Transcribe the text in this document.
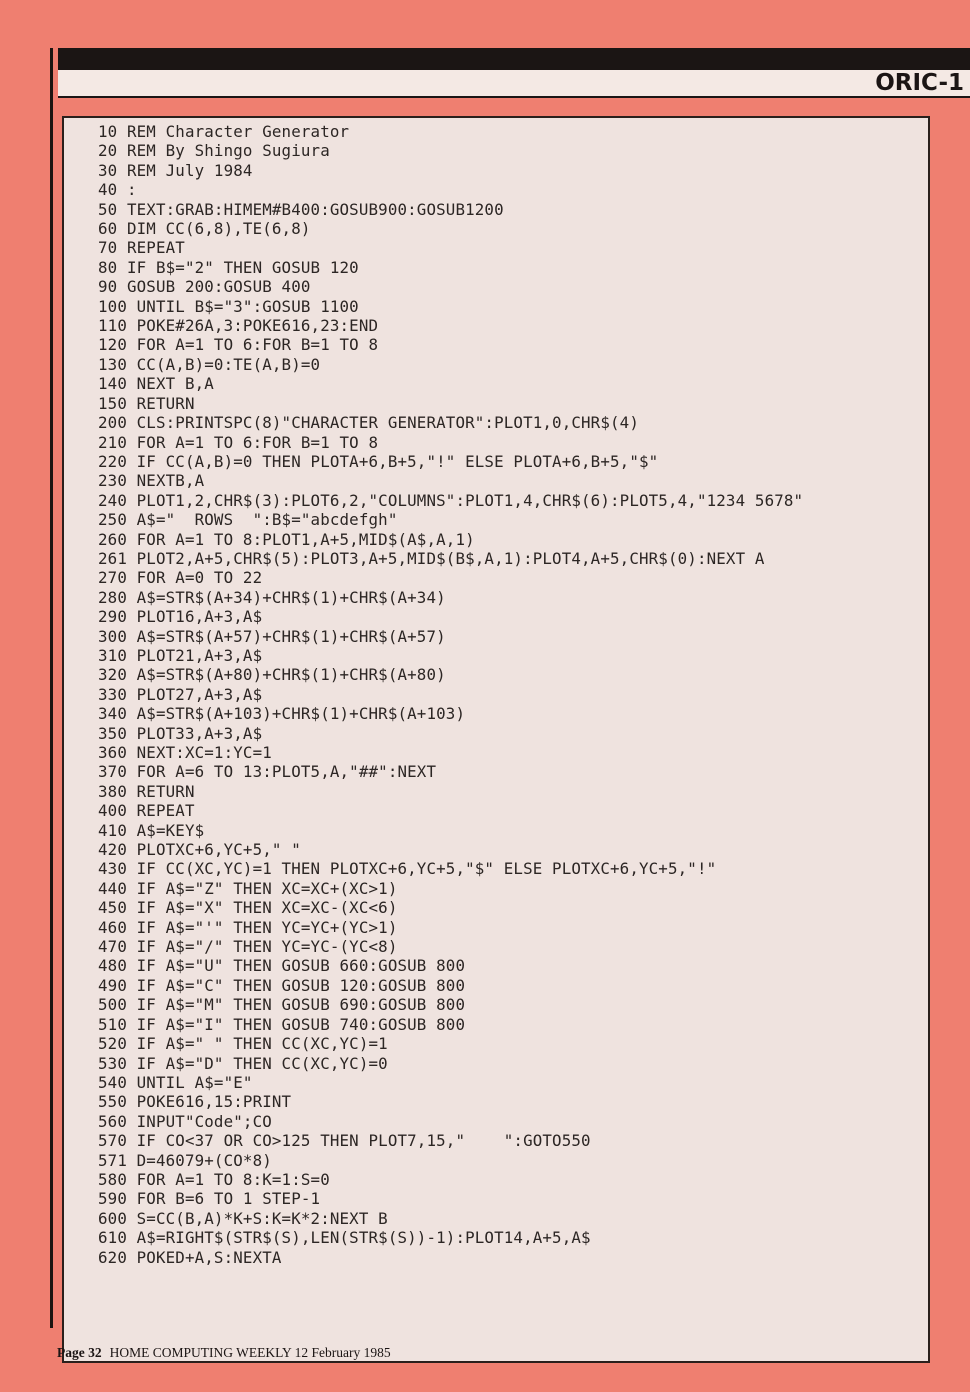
ORIC-1
10 REM Character Generator
20 REM By Shingo Sugiura
30 REM July 1984
40 :
50 TEXT:GRAB:HIMEM#B400:GOSUB900:GOSUB1200
60 DIM CC(6,8),TE(6,8)
70 REPEAT
80 IF B$="2" THEN GOSUB 120
90 GOSUB 200:GOSUB 400
100 UNTIL B$="3":GOSUB 1100
110 POKE#26A,3:POKE616,23:END
120 FOR A=1 TO 6:FOR B=1 TO 8
130 CC(A,B)=0:TE(A,B)=0
140 NEXT B,A
150 RETURN
200 CLS:PRINTSPC(8)"CHARACTER GENERATOR":PLOT1,0,CHR$(4)
210 FOR A=1 TO 6:FOR B=1 TO 8
220 IF CC(A,B)=0 THEN PLOTA+6,B+5,"!" ELSE PLOTA+6,B+5,"$"
230 NEXTB,A
240 PLOT1,2,CHR$(3):PLOT6,2,"COLUMNS":PLOT1,4,CHR$(6):PLOT5,4,"1234 5678"
250 A$="  ROWS  ":B$="abcdefgh"
260 FOR A=1 TO 8:PLOT1,A+5,MID$(A$,A,1)
261 PLOT2,A+5,CHR$(5):PLOT3,A+5,MID$(B$,A,1):PLOT4,A+5,CHR$(0):NEXT A
270 FOR A=0 TO 22
280 A$=STR$(A+34)+CHR$(1)+CHR$(A+34)
290 PLOT16,A+3,A$
300 A$=STR$(A+57)+CHR$(1)+CHR$(A+57)
310 PLOT21,A+3,A$
320 A$=STR$(A+80)+CHR$(1)+CHR$(A+80)
330 PLOT27,A+3,A$
340 A$=STR$(A+103)+CHR$(1)+CHR$(A+103)
350 PLOT33,A+3,A$
360 NEXT:XC=1:YC=1
370 FOR A=6 TO 13:PLOT5,A,"##":NEXT
380 RETURN
400 REPEAT
410 A$=KEY$
420 PLOTXC+6,YC+5," "
430 IF CC(XC,YC)=1 THEN PLOTXC+6,YC+5,"$" ELSE PLOTXC+6,YC+5,"!"
440 IF A$="Z" THEN XC=XC+(XC>1)
450 IF A$="X" THEN XC=XC-(XC<6)
460 IF A$="'" THEN YC=YC+(YC>1)
470 IF A$="/" THEN YC=YC-(YC<8)
480 IF A$="U" THEN GOSUB 660:GOSUB 800
490 IF A$="C" THEN GOSUB 120:GOSUB 800
500 IF A$="M" THEN GOSUB 690:GOSUB 800
510 IF A$="I" THEN GOSUB 740:GOSUB 800
520 IF A$=" " THEN CC(XC,YC)=1
530 IF A$="D" THEN CC(XC,YC)=0
540 UNTIL A$="E"
550 POKE616,15:PRINT
560 INPUT"Code";CO
570 IF CO<37 OR CO>125 THEN PLOT7,15,"    ":GOTO550
571 D=46079+(CO*8)
580 FOR A=1 TO 8:K=1:S=0
590 FOR B=6 TO 1 STEP-1
600 S=CC(B,A)*K+S:K=K*2:NEXT B
610 A$=RIGHT$(STR$(S),LEN(STR$(S))-1):PLOT14,A+5,A$
620 POKED+A,S:NEXTA
Page 32 HOME COMPUTING WEEKLY 12 February 1985
